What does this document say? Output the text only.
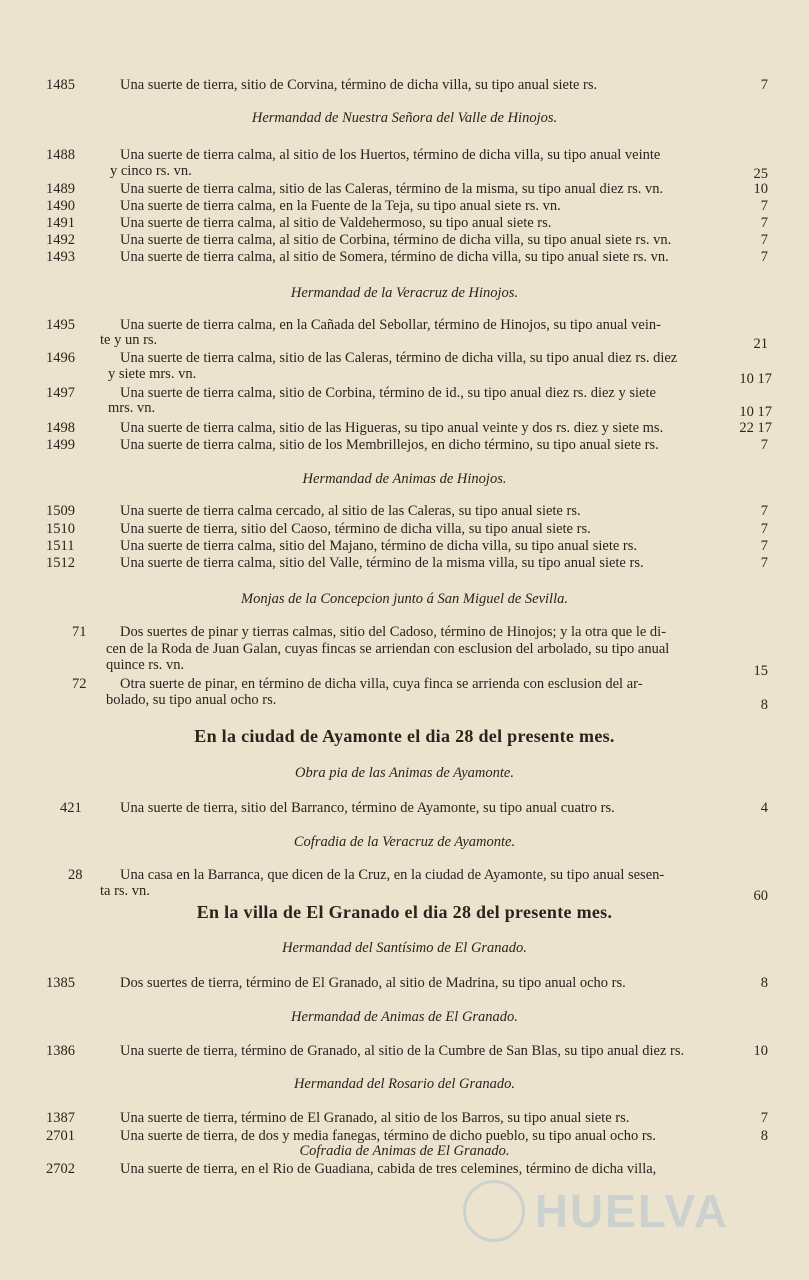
1485	Una suerte de tierra, sitio de Corvina, término de dicha villa, su tipo anual siete rs.	7
Hermandad de Nuestra Señora del Valle de Hinojos.
1488	Una suerte de tierra calma, al sitio de los Huertos, término de dicha villa, su tipo anual veinte
y cinco rs. vn.	25
1489	Una suerte de tierra calma, sitio de las Caleras, término de la misma, su tipo anual diez rs. vn.	10
1490	Una suerte de tierra calma, en la Fuente de la Teja, su tipo anual siete rs. vn.	7
1491	Una suerte de tierra calma, al sitio de Valdehermoso, su tipo anual siete rs.	7
1492	Una suerte de tierra calma, al sitio de Corbina, término de dicha villa, su tipo anual siete rs. vn.	7
1493	Una suerte de tierra calma, al sitio de Somera, término de dicha villa, su tipo anual siete rs. vn.	7
Hermandad de la Veracruz de Hinojos.
1495	Una suerte de tierra calma, en la Cañada del Sebollar, término de Hinojos, su tipo anual vein-
te y un rs.	21
1496	Una suerte de tierra calma, sitio de las Caleras, término de dicha villa, su tipo anual diez rs. diez
y siete mrs. vn.	10 17
1497	Una suerte de tierra calma, sitio de Corbina, término de id., su tipo anual diez rs. diez y siete
mrs. vn.	10 17
1498	Una suerte de tierra calma, sitio de las Higueras, su tipo anual veinte y dos rs. diez y siete ms.	22 17
1499	Una suerte de tierra calma, sitio de los Membrillejos, en dicho término, su tipo anual siete rs.	7
Hermandad de Animas de Hinojos.
1509	Una suerte de tierra calma cercado, al sitio de las Caleras, su tipo anual siete rs.	7
1510	Una suerte de tierra, sitio del Caoso, término de dicha villa, su tipo anual siete rs.	7
1511	Una suerte de tierra calma, sitio del Majano, término de dicha villa, su tipo anual siete rs.	7
1512	Una suerte de tierra calma, sitio del Valle, término de la misma villa, su tipo anual siete rs.	7
Monjas de la Concepcion junto á San Miguel de Sevilla.
71	Dos suertes de pinar y tierras calmas, sitio del Cadoso, término de Hinojos; y la otra que le di-
cen de la Roda de Juan Galan, cuyas fincas se arriendan con esclusion del arbolado, su tipo anual
quince rs. vn.	15
72	Otra suerte de pinar, en término de dicha villa, cuya finca se arrienda con esclusion del ar-
bolado, su tipo anual ocho rs.	8
En la ciudad de Ayamonte el dia 28 del presente mes.
Obra pia de las Animas de Ayamonte.
421	Una suerte de tierra, sitio del Barranco, término de Ayamonte, su tipo anual cuatro rs.	4
Cofradia de la Veracruz de Ayamonte.
28	Una casa en la Barranca, que dicen de la Cruz, en la ciudad de Ayamonte, su tipo anual sesen-
ta rs. vn.	60
En la villa de El Granado el dia 28 del presente mes.
Hermandad del Santísimo de El Granado.
1385	Dos suertes de tierra, término de El Granado, al sitio de Madrina, su tipo anual ocho rs.	8
Hermandad de Animas de El Granado.
1386	Una suerte de tierra, término de Granado, al sitio de la Cumbre de San Blas, su tipo anual diez rs.	10
Hermandad del Rosario del Granado.
1387	Una suerte de tierra, término de El Granado, al sitio de los Barros, su tipo anual siete rs.	7
2701	Una suerte de tierra, de dos y media fanegas, término de dicho pueblo, su tipo anual ocho rs.	8
Cofradia de Animas de El Granado.
2702	Una suerte de tierra, en el Rio de Guadiana, cabida de tres celemines, término de dicha villa,
HUELVA
